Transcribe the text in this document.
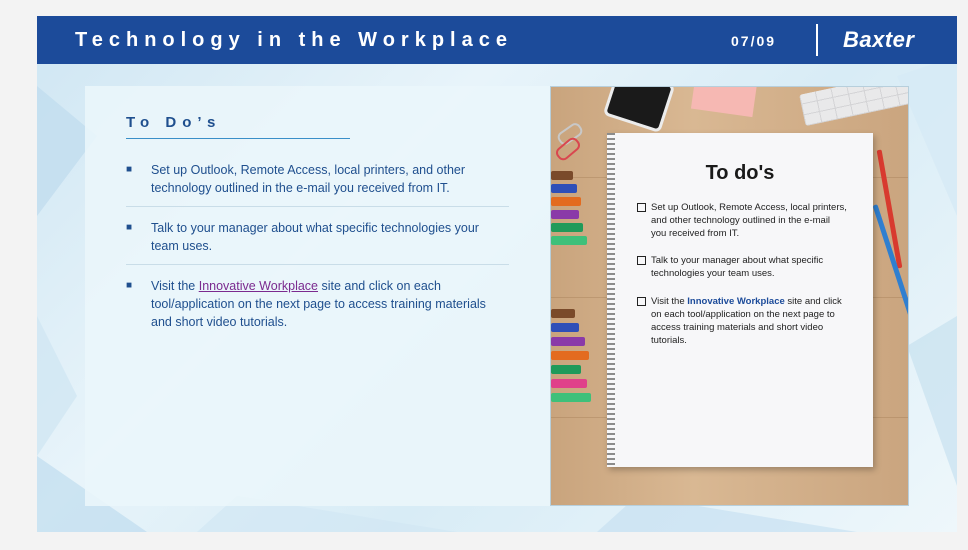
Technology in the Workplace	07/09	Baxter
To Do’s
■	Set up Outlook, Remote Access, local printers, and other technology outlined in the e-mail you received from IT.
■	Talk to your manager about what specific technologies your team uses.
■	Visit the Innovative Workplace site and click on each tool/application on the next page to access training materials and short video tutorials.
To do's
Set up Outlook, Remote Access, local printers, and other technology outlined in the e-mail you received from IT.
Talk to your manager about what specific technologies your team uses.
Visit the Innovative Workplace site and click on each tool/application on the next page to access training materials and short video tutorials.
